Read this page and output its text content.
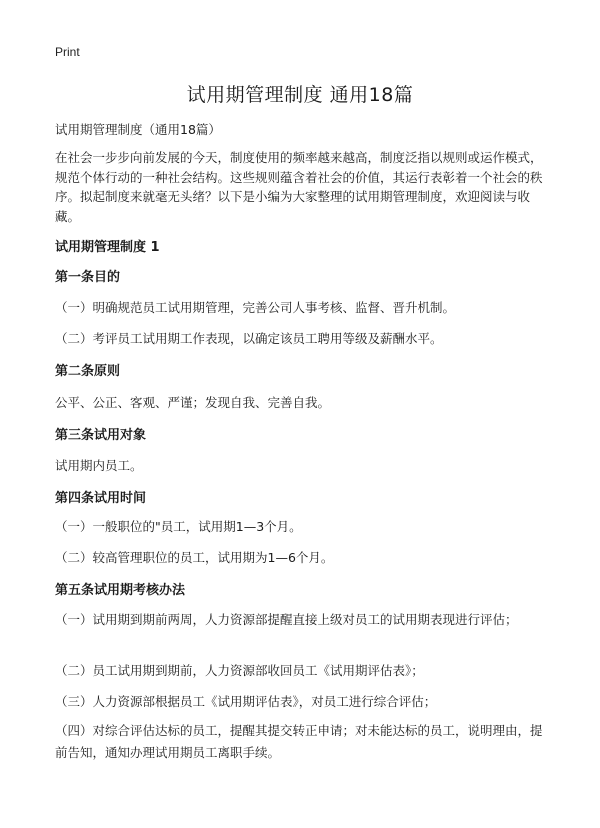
Print
试用期管理制度 通用18篇

试用期管理制度（通用18篇）

在社会一步步向前发展的今天，制度使用的频率越来越高，制度泛指以规则或运作模式，规范个体行动的一种社会结构。这些规则蕴含着社会的价值，其运行表彰着一个社会的秩序。拟起制度来就毫无头绪？以下是小编为大家整理的试用期管理制度，欢迎阅读与收藏。

试用期管理制度 1

第一条目的

（一）明确规范员工试用期管理，完善公司人事考核、监督、晋升机制。

（二）考评员工试用期工作表现，以确定该员工聘用等级及薪酬水平。

第二条原则

公平、公正、客观、严谨；发现自我、完善自我。

第三条试用对象

试用期内员工。

第四条试用时间

（一）一般职位的"员工，试用期1—3个月。

（二）较高管理职位的员工，试用期为1—6个月。

第五条试用期考核办法

（一）试用期到期前两周，人力资源部提醒直接上级对员工的试用期表现进行评估；

（二）员工试用期到期前，人力资源部收回员工《试用期评估表》；

（三）人力资源部根据员工《试用期评估表》，对员工进行综合评估；

（四）对综合评估达标的员工，提醒其提交转正申请；对未能达标的员工，说明理由，提前告知，通知办理试用期员工离职手续。
